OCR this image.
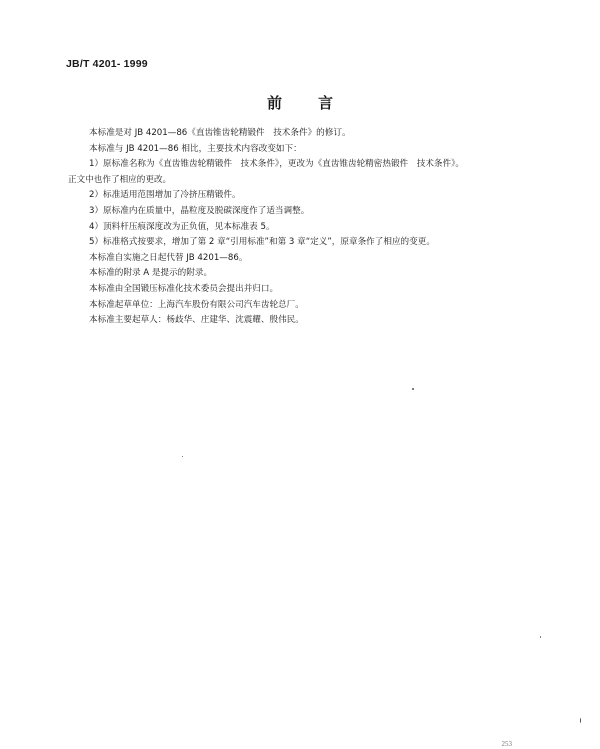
JB/T 4201- 1999
前言

本标准是对 JB 4201—86《直齿锥齿轮精锻件　技术条件》的修订。

本标准与 JB 4201—86 相比，主要技术内容改变如下：

1）原标准名称为《直齿锥齿轮精锻件　技术条件》，更改为《直齿锥齿轮精密热锻件　技术条件》。

正文中也作了相应的更改。

2）标准适用范围增加了冷挤压精锻件。

3）原标准内在质量中，晶粒度及脱碳深度作了适当调整。

4）顶料杆压痕深度改为正负值，见本标准表 5。

5）标准格式按要求，增加了第 2 章“引用标准”和第 3 章“定义”，原章条作了相应的变更。

本标准自实施之日起代替 JB 4201—86。

本标准的附录 A 是提示的附录。

本标准由全国锻压标准化技术委员会提出并归口。

本标准起草单位：上海汽车股份有限公司汽车齿轮总厂。

本标准主要起草人：杨歧华、庄建华、沈震耀、殷伟民。

253
